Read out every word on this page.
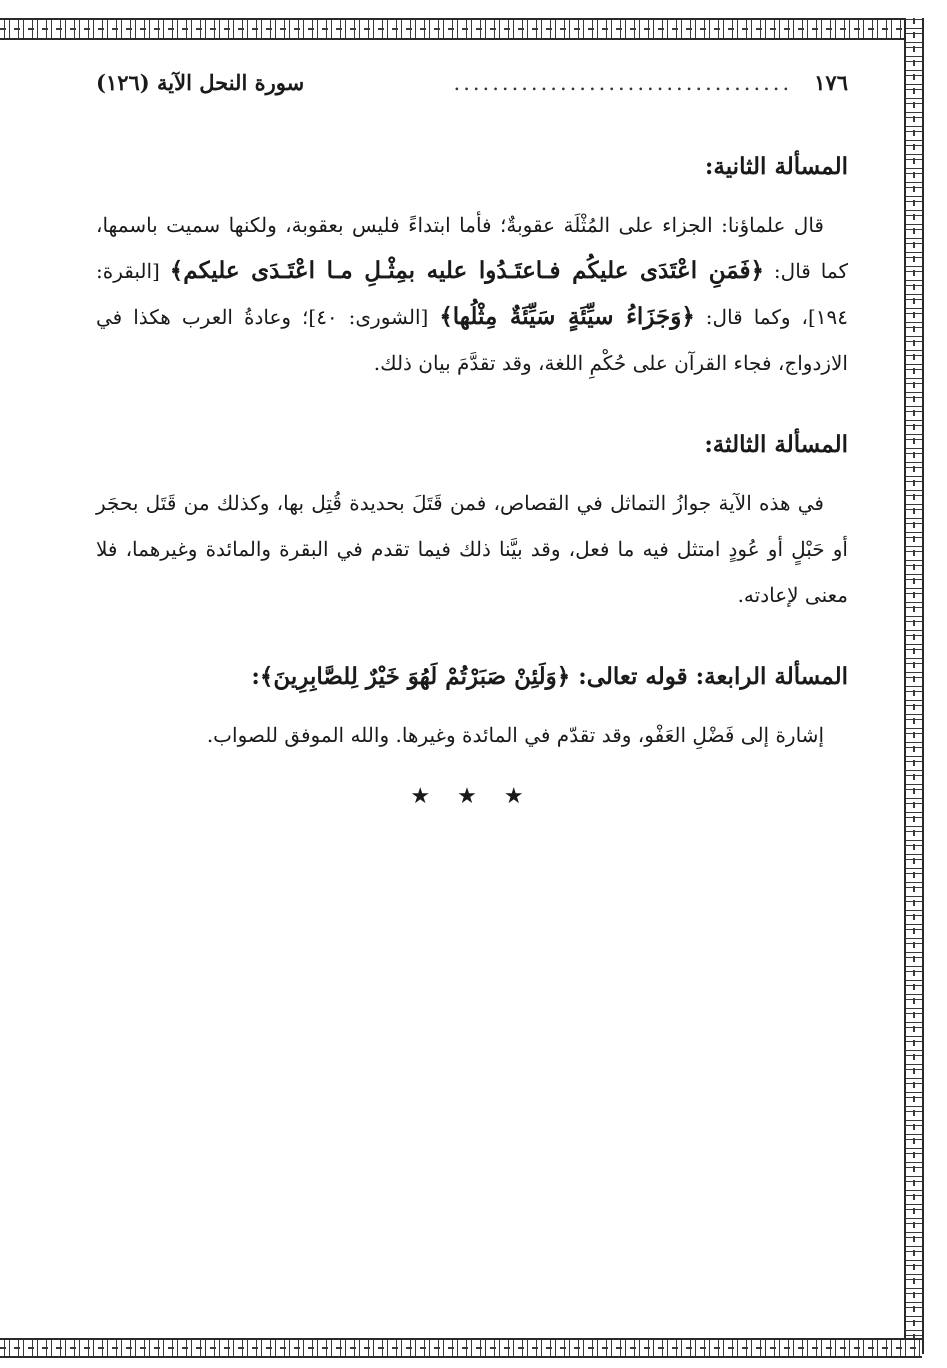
١٧٦
...................................
سورة النحل الآية (١٢٦)
المسألة الثانية:

قال علماؤنا: الجزاء على المُثْلَة عقوبةٌ؛ فأما ابتداءً فليس بعقوبة، ولكنها سميت باسمها، كما قال: ﴿فَمَنِ اعْتَدَى عليكُم فـاعتَـدُوا عليه بمِثْـلِ مـا اعْتَـدَى عليكم﴾ [البقرة: ١٩٤]، وكما قال: ﴿وَجَزَاءُ سيِّئَةٍ سَيِّئَةٌ مِثْلُها﴾ [الشورى: ٤٠]؛ وعادةُ العرب هكذا في الازدواج، فجاء القرآن على حُكْمِ اللغة، وقد تقدَّمَ بيان ذلك.

المسألة الثالثة:

في هذه الآية جوازُ التماثل في القصاص، فمن قَتَلَ بحديدة قُتِل بها، وكذلك من قَتَل بحجَر أو حَبْلٍ أو عُودٍ امتثل فيه ما فعل، وقد بيَّنا ذلك فيما تقدم في البقرة والمائدة وغيرهما، فلا معنى لإعادته.

المسألة الرابعة: قوله تعالى: ﴿وَلَئِنْ صَبَرْتُمْ لَهُوَ خَيْرٌ لِلصَّابِرِينَ﴾:

إشارة إلى فَضْلِ العَفْو، وقد تقدّم في المائدة وغيرها. والله الموفق للصواب.

★ ★ ★
